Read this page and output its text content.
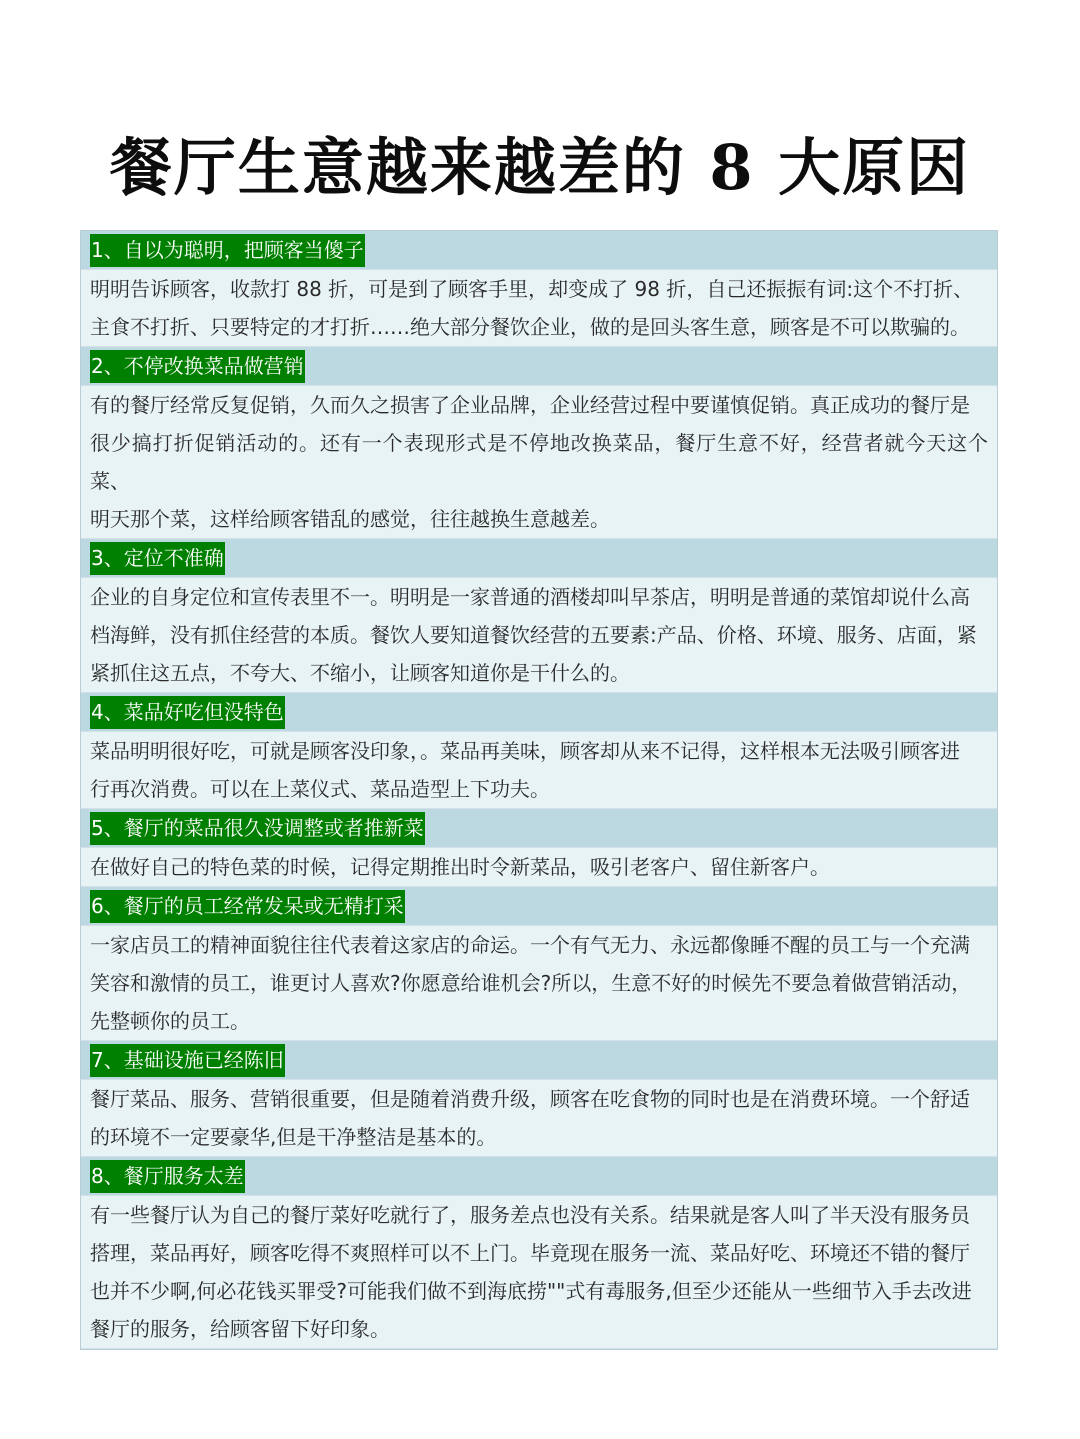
餐厅生意越来越差的 8 大原因
1、自以为聪明，把顾客当傻子
明明告诉顾客，收款打 88 折，可是到了顾客手里，却变成了 98 折，自己还振振有词:这个不打折、
主食不打折、只要特定的才打折……绝大部分餐饮企业，做的是回头客生意，顾客是不可以欺骗的。
2、不停改换菜品做营销
有的餐厅经常反复促销，久而久之损害了企业品牌，企业经营过程中要谨慎促销。真正成功的餐厅是
很少搞打折促销活动的。还有一个表现形式是不停地改换菜品，餐厅生意不好，经营者就今天这个菜、
明天那个菜，这样给顾客错乱的感觉，往往越换生意越差。
3、定位不准确
企业的自身定位和宣传表里不一。明明是一家普通的酒楼却叫早茶店，明明是普通的菜馆却说什么高
档海鲜，没有抓住经营的本质。餐饮人要知道餐饮经营的五要素:产品、价格、环境、服务、店面，紧
紧抓住这五点，不夸大、不缩小，让顾客知道你是干什么的。
4、菜品好吃但没特色
菜品明明很好吃，可就是顾客没印象，。菜品再美味，顾客却从来不记得，这样根本无法吸引顾客进
行再次消费。可以在上菜仪式、菜品造型上下功夫。
5、餐厅的菜品很久没调整或者推新菜
在做好自己的特色菜的时候，记得定期推出时令新菜品，吸引老客户、留住新客户。
6、餐厅的员工经常发呆或无精打采
一家店员工的精神面貌往往代表着这家店的命运。一个有气无力、永远都像睡不醒的员工与一个充满
笑容和激情的员工，谁更讨人喜欢?你愿意给谁机会?所以，生意不好的时候先不要急着做营销活动，
先整顿你的员工。
7、基础设施已经陈旧
餐厅菜品、服务、营销很重要，但是随着消费升级，顾客在吃食物的同时也是在消费环境。一个舒适
的环境不一定要豪华,但是干净整洁是基本的。
8、餐厅服务太差
有一些餐厅认为自己的餐厅菜好吃就行了，服务差点也没有关系。结果就是客人叫了半天没有服务员
搭理，菜品再好，顾客吃得不爽照样可以不上门。毕竟现在服务一流、菜品好吃、环境还不错的餐厅
也并不少啊,何必花钱买罪受?可能我们做不到海底捞""式有毒服务,但至少还能从一些细节入手去改进
餐厅的服务，给顾客留下好印象。
